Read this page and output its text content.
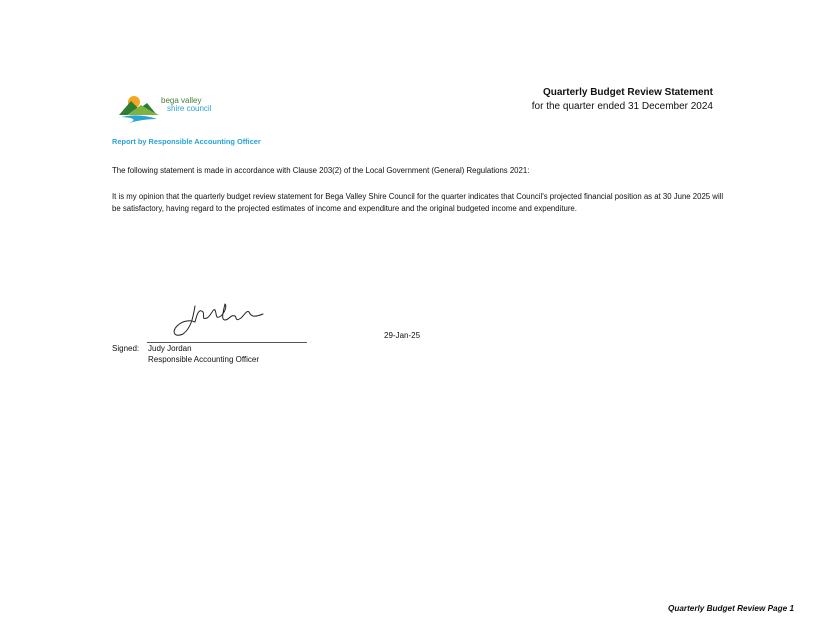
bega valley
shire council
Quarterly Budget Review Statement
for the quarter ended 31 December 2024
Report by Responsible Accounting Officer
The following statement is made in accordance with Clause 203(2) of the Local Government (General) Regulations 2021:
It is my opinion that the quarterly budget review statement for Bega Valley Shire Council for the quarter indicates that Council's projected financial position as at 30 June 2025 will be satisfactory, having regard to the projected estimates of income and expenditure and the original budgeted income and expenditure.
29-Jan-25
Signed: Judy Jordan
Responsible Accounting Officer
Quarterly Budget Review Page 1
